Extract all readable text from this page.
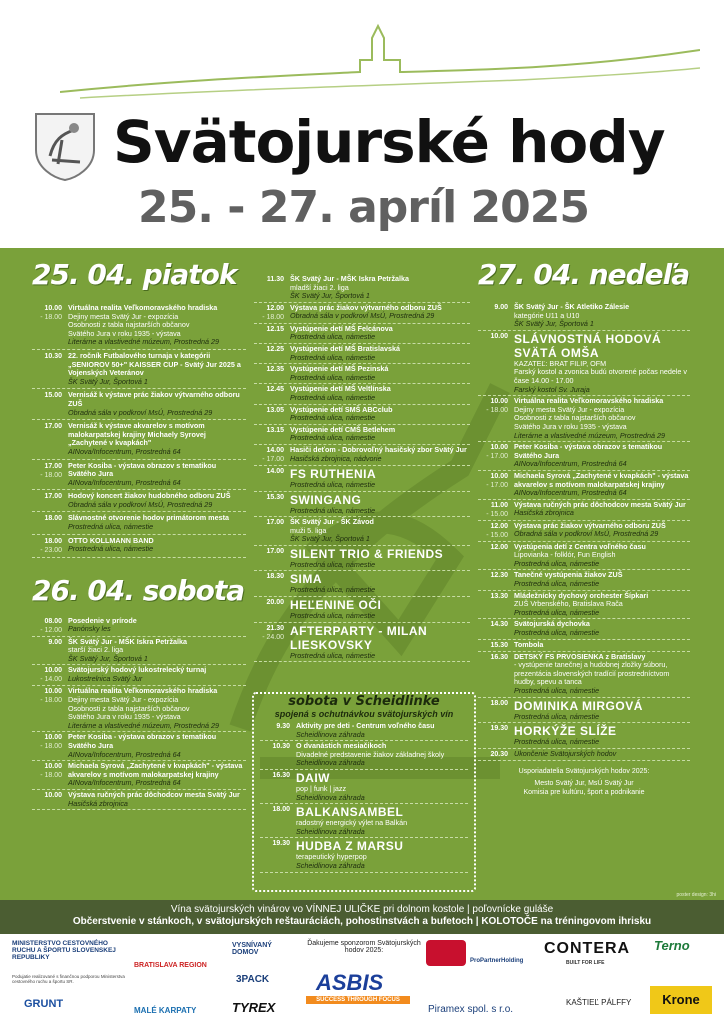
Svätojurské hody
25. - 27. apríl 2025
25. 04. piatok
10.00
- 18.00
Virtuálna realita Veľkomoravského hradiska
Dejiny mesta Svätý Jur - expozícia
Osobnosti z tabla najstarších občanov
Svätého Jura v roku 1935 - výstava
Literárne a vlastivedné múzeum, Prostredná 29
10.30 22. ročník Futbalového turnaja v kategórii „SENIOROV 50+" KAISSER CUP - Svätý Jur 2025 a Vojenských Veteránov
ŠK Svätý Jur, Športová 1
15.00 Vernisáž k výstave prác žiakov výtvarného odboru ZUŠ
Obradná sála v podkroví MsÚ, Prostredná 29
17.00 Vernisáž k výstave akvarelov s motívom malokarpatskej krajiny Michaely Syrovej „Zachytené v kvapkách"
AINova/Infocentrum, Prostredná 64
17.00
- 18.00
Peter Kosiba - výstava obrazov s tematikou Svätého Jura
AINova/Infocentrum, Prostredná 64
17.00 Hodový koncert žiakov hudobného odboru ZUŠ
Obradná sála v podkroví MsÚ, Prostredná 29
18.00 Slávnostné otvorenie hodov primátorom mesta
Prostredná ulica, námestie
18.00
- 23.00
OTTO KOLLMANN BAND
Prostredná ulica, námestie
26. 04. sobota
08.00
- 12.00
Posedenie v prírode
Panónsky les
9.00 ŠK Svätý Jur - MŠK Iskra Petržalka
starší žiaci 2. liga
ŠK Svätý Jur, Športová 1
10.00
- 14.00
Svätojurský hodový lukostrelecký turnaj
Lukostrelnica Svätý Jur
10.00
- 18.00
Virtuálna realita Veľkomoravského hradiska
Dejiny mesta Svätý Jur - expozícia
Osobnosti z tabla najstarších občanov
Svätého Jura v roku 1935 - výstava
Literárne a vlastivedné múzeum, Prostredná 29
10.00
- 18.00
Peter Kosiba - výstava obrazov s tematikou Svätého Jura
AINova/Infocentrum, Prostredná 64
10.00
- 18.00
Michaela Syrová „Zachytené v kvapkách" - výstava akvarelov s motívom malokarpatskej krajiny
AINova/Infocentrum, Prostredná 64
10.00 Výstava ručných prác dôchodcov mesta Svätý Jur
Hasičská zbrojnica
11.30 ŠK Svätý Jur - MŠK Iskra Petržalka
mladší žiaci 2. liga
ŠK Svätý Jur, Športová 1
12.00
- 18.00
Výstava prác žiakov výtvarného odboru ZUŠ
Obradná sála v podkroví MsÚ, Prostredná 29
12.15 Vystúpenie detí MŠ Felcánova
Prostredná ulica, námestie
12.25 Vystúpenie detí MŠ Bratislavská
Prostredná ulica, námestie
12.35 Vystúpenie detí MŠ Pezinská
Prostredná ulica, námestie
12.45 Vystúpenie detí MŠ Veltlínska
Prostredná ulica, námestie
13.05 Vystúpenie detí SMŠ ABCclub
Prostredná ulica, námestie
13.15 Vystúpenie detí CMŠ Betlehem
Prostredná ulica, námestie
14.00
- 17.00
Hasiči deťom - Dobrovoľný hasičský zbor Svätý Jur
Hasičská zbrojnica, nádvorie
14.00 FS RUTHENIA
Prostredná ulica, námestie
15.30 SWINGANG
Prostredná ulica, námestie
17.00 ŠK Svätý Jur - ŠK Závod
muži 5. liga
ŠK Svätý Jur, Športová 1
17.00 SILENT TRIO & FRIENDS
Prostredná ulica, námestie
18.30 SIMA
Prostredná ulica, námestie
20.00 HEĽENINE OČI
Prostredná ulica, námestie
21.30
- 24.00 AFTERPARTY - MILAN LIESKOVSKY
Prostredná ulica, námestie
sobota v Scheidlinke
spojená s ochutnávkou svätojurských vín
9.30 Aktivity pre deti - Centrum voľného času
Scheidlinova záhrada
10.30 O dvanástich mesiačikoch
Divadelné predstavenie žiakov základnej školy
Scheidlinova záhrada
16.30 DAIW
pop | funk | jazz
Scheidlinova záhrada
18.00 BALKANSAMBEL
radostný energický výlet na Balkán
Scheidlinova záhrada
19.30 HUDBA Z MARSU
terapeutický hyperpop
Scheidlinova záhrada
27. 04. nedeľa
9.00 ŠK Svätý Jur - ŠK Atletiko Zálesie
kategórie U11 a U10
ŠK Svätý Jur, Športová 1
10.00 SLÁVNOSTNÁ HODOVÁ SVÄTÁ OMŠA
KAZATEĽ: BRAT FILIP, OFM
Farský kostol a zvonica budú otvorené počas nedele v čase 14.00 - 17.00
Farský kostol Sv. Juraja
10.00
- 18.00
Virtuálna realita Veľkomoravského hradiska
Dejiny mesta Svätý Jur - expozícia
Osobnosti z tabla najstarších občanov
Svätého Jura v roku 1935 - výstava
Literárne a vlastivedné múzeum, Prostredná 29
10.00
- 17.00
Peter Kosiba - výstava obrazov s tematikou Svätého Jura
AINova/Infocentrum, Prostredná 64
10.00
- 17.00
Michaela Syrová „Zachytené v kvapkách" - výstava akvarelov s motívom malokarpatskej krajiny
AINova/Infocentrum, Prostredná 64
11.00
- 15.00
Výstava ručných prác dôchodcov mesta Svätý Jur
Hasičská zbrojnica
12.00
- 15.00
Výstava prác žiakov výtvarného odboru ZUŠ
Obradná sála v podkroví MsÚ, Prostredná 29
12.00 Vystúpenia detí z Centra voľného času
Lipovianka - folklór, Fun English
Prostredná ulica, námestie
12.30 Tanečné vystúpenia žiakov ZUŠ
Prostredná ulica, námestie
13.30 Mládežnícky dychový orchester Šípkari
ZUŠ Vrbenského, Bratislava Rača
Prostredná ulica, námestie
14.30 Svätojurská dychovka
Prostredná ulica, námestie
15.30 Tombola
16.30 DETSKÝ FS PRVOSIENKA z Bratislavy
- vystúpenie tanečnej a hudobnej zložky súboru, prezentácia slovenských tradícií prostredníctvom hudby, spevu a tanca
Prostredná ulica, námestie
18.00 DOMINIKA MIRGOVÁ
Prostredná ulica, námestie
19.30 HORKÝŽE SLÍŽE
Prostredná ulica, námestie
20.30 Ukončenie Svätojurských hodov
Usporiadatelia Svätojurských hodov 2025:
Mesto Svätý Jur, MsÚ Svätý Jur
Komisia pre kultúru, šport a podnikanie
poster design: 3hi
Vína svätojurských vinárov vo VÍNNEJ ULIČKE pri dolnom kostole | poľovnícke guláše
Občerstvenie v stánkoch, v svätojurských reštauráciách, pohostinstvách a bufetoch | KOLOTOČE na tréningovom ihrisku
MINISTERSTVO CESTOVNÉHO RUCHU A ŠPORTU SLOVENSKEJ REPUBLIKY
Podujatie realizované s finančnou podporou Ministerstva cestovného ruchu a športu SR.
GRUNT
BRATISLAVA REGION
MALÉ KARPATY
VYSNÍVANÝ DOMOV
3PACK
TYREX
Ďakujeme sponzorom Svätojurských hodov 2025:
ASBIS
SUCCESS THROUGH FOCUS
ProPartnerHolding
Piramex spol. s r.o.
CONTERA
BUILT FOR LIFE
Terno
KAŠTIEĽ PÁLFFY	Krone
